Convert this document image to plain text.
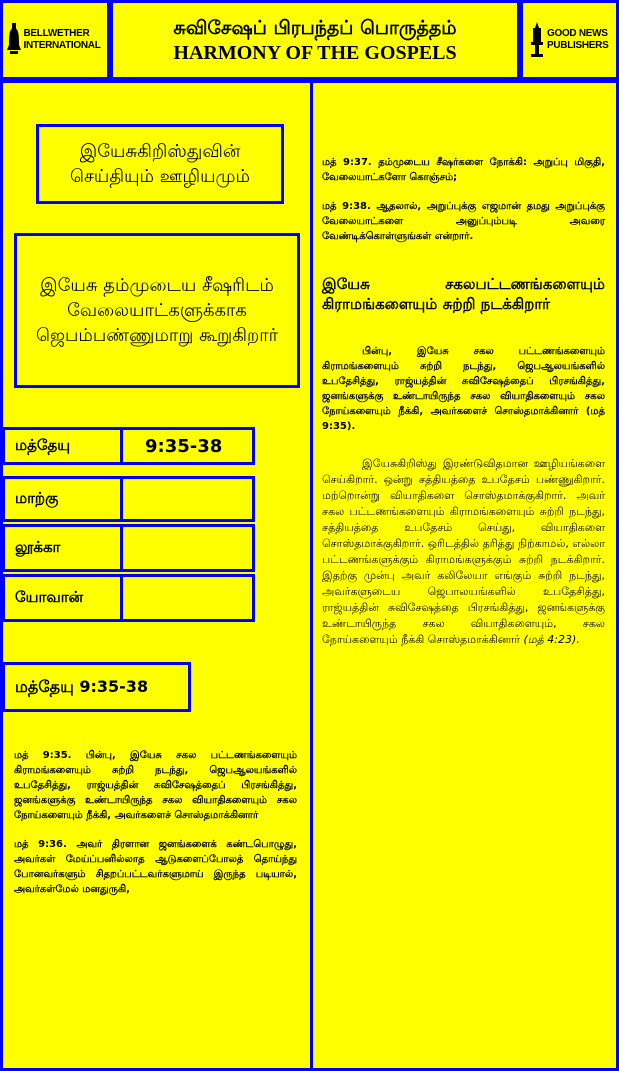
BELLWETHER INTERNATIONAL
சுவிசேஷப் பிரபந்தப் பொருத்தம்
HARMONY OF THE GOSPELS
GOOD NEWS PUBLISHERS
இயேசுகிறிஸ்துவின் செய்தியும் ஊழியமும்
இயேசு தம்முடைய சீஷரிடம் வேலையாட்களுக்காக ஜெபம்பண்ணுமாறு கூறுகிறார்
மத்தேயு	9:35-38
மாற்கு
லூக்கா
யோவான்
மத்தேயு 9:35-38

மத் 9:35. பின்பு, இயேசு சகல பட்டணங்களையும் கிராமங்களையும் சுற்றி நடந்து, ஜெபஆலயங்களில் உபதேசித்து, ராஜ்யத்தின் சுவிசேஷத்தைப் பிரசங்கித்து, ஜனங்களுக்கு உண்டாயிருந்த சகல வியாதிகளையும் சகல நோய்களையும் நீக்கி, அவர்களைச் சொஸ்தமாக்கினார்

மத் 9:36. அவர் திரளான ஜனங்களைக் கண்டபொழுது, அவர்கள் மேய்ப்பனில்லாத ஆடுகளைப்போலத் தொய்ந்து போனவர்களும் சிதறப்பட்டவர்களுமாய் இருந்த படியால், அவர்கள்மேல் மனதுருகி,

மத் 9:37. தம்முடைய சீஷர்களை நோக்கி: அறுப்பு மிகுதி, வேலையாட்களோ கொஞ்சம்;

மத் 9:38. ஆதலால், அறுப்புக்கு எஜமான் தமது அறுப்புக்கு வேலையாட்களை அனுப்பும்படி அவரை வேண்டிக்கொள்ளுங்கள் என்றார்.

இயேசு சகலபட்டணங்களையும் கிராமங்களையும் சுற்றி நடக்கிறார்

பின்பு, இயேசு சகல பட்டணங்களையும் கிராமங்களையும் சுற்றி நடந்து, ஜெபஆலயங்களில் உபதேசித்து, ராஜ்யத்தின் சுவிசேஷத்தைப் பிரசங்கித்து, ஜனங்களுக்கு உண்டாயிருந்த சகல வியாதிகளையும் சகல நோய்களையும் நீக்கி, அவர்களைச் சொஸ்தமாக்கினார் (மத் 9:35).

இயேசுகிறிஸ்து இரண்டுவிதமான ஊழியங்களை செய்கிறார். ஒன்று சத்தியத்தை உபதேசம் பண்ணுகிறார். மற்றொன்று வியாதிகளை சொஸ்தமாக்குகிறார். அவர் சகல பட்டணங்களையும் கிராமங்களையும் சுற்றி நடந்து, சத்தியத்தை உபதேசம் செய்து, வியாதிகளை சொஸ்தமாக்குகிறார். ஒரிடத்தில் தரித்து நிற்காமல், எல்லா பட்டணங்களுக்கும் கிராமங்களுக்கும் சுற்றி நடக்கிறார். இதற்கு முன்பு அவர் கலிலேயா எங்கும் சுற்றி நடந்து, அவர்களுடைய ஜெபாலயங்களில் உபதேசித்து, ராஜ்யத்தின் சுவிசேஷத்தை பிரசங்கித்து, ஜனங்களுக்கு உண்டாயிருந்த சகல வியாதிகளையும், சகல நோய்களையும் நீக்கி சொஸ்தமாக்கினார் (மத் 4:23).
